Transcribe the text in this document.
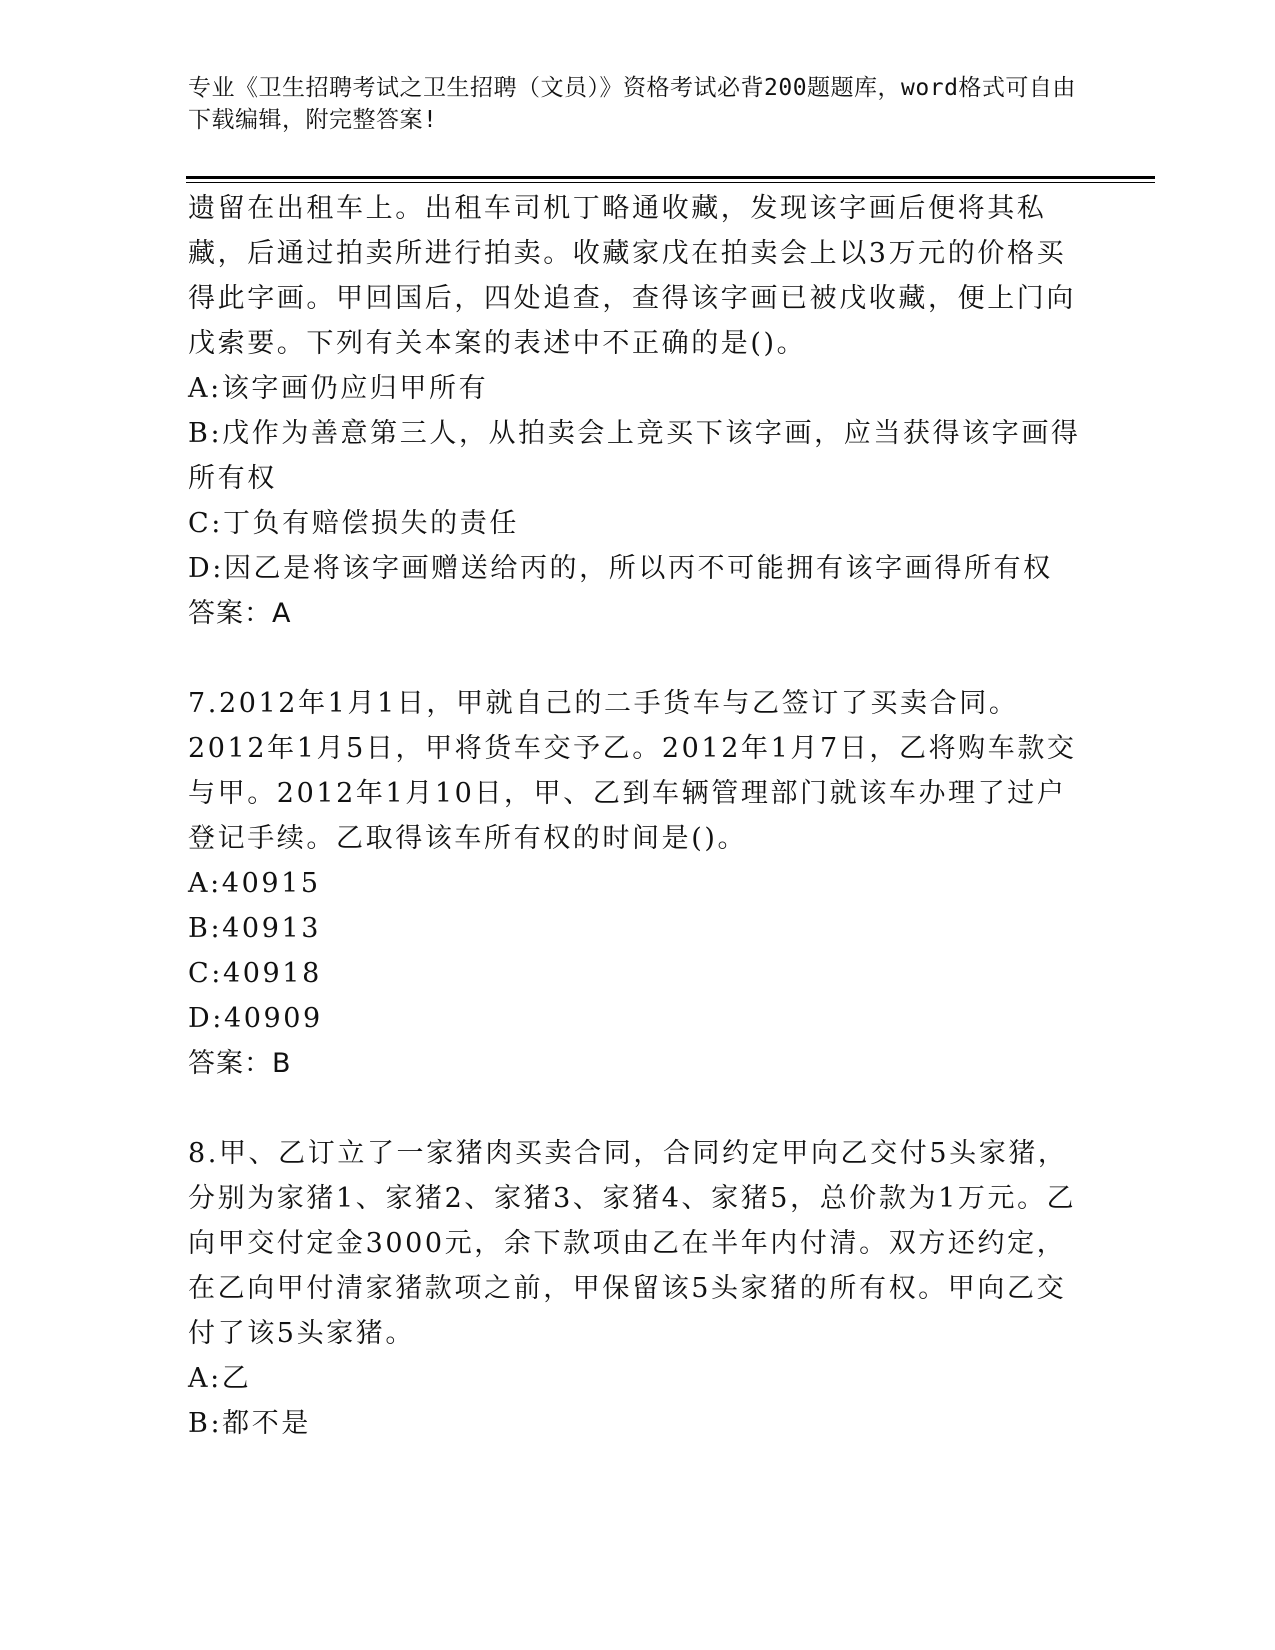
专业《卫生招聘考试之卫生招聘（文员）》资格考试必背200题题库，word格式可自由下载编辑，附完整答案!

遗留在出租车上。出租车司机丁略通收藏，发现该字画后便将其私藏，后通过拍卖所进行拍卖。收藏家戊在拍卖会上以3万元的价格买得此字画。甲回国后，四处追查，查得该字画已被戊收藏，便上门向戊索要。下列有关本案的表述中不正确的是()。

A:该字画仍应归甲所有

B:戊作为善意第三人，从拍卖会上竞买下该字画，应当获得该字画得所有权

C:丁负有赔偿损失的责任

D:因乙是将该字画赠送给丙的，所以丙不可能拥有该字画得所有权

答案：A

7.2012年1月1日，甲就自己的二手货车与乙签订了买卖合同。2012年1月5日，甲将货车交予乙。2012年1月7日，乙将购车款交与甲。2012年1月10日，甲、乙到车辆管理部门就该车办理了过户登记手续。乙取得该车所有权的时间是()。

A:40915

B:40913

C:40918

D:40909

答案：B

8.甲、乙订立了一家猪肉买卖合同，合同约定甲向乙交付5头家猪，分别为家猪1、家猪2、家猪3、家猪4、家猪5，总价款为1万元。乙向甲交付定金3000元，余下款项由乙在半年内付清。双方还约定，在乙向甲付清家猪款项之前，甲保留该5头家猪的所有权。甲向乙交付了该5头家猪。

A:乙

B:都不是
